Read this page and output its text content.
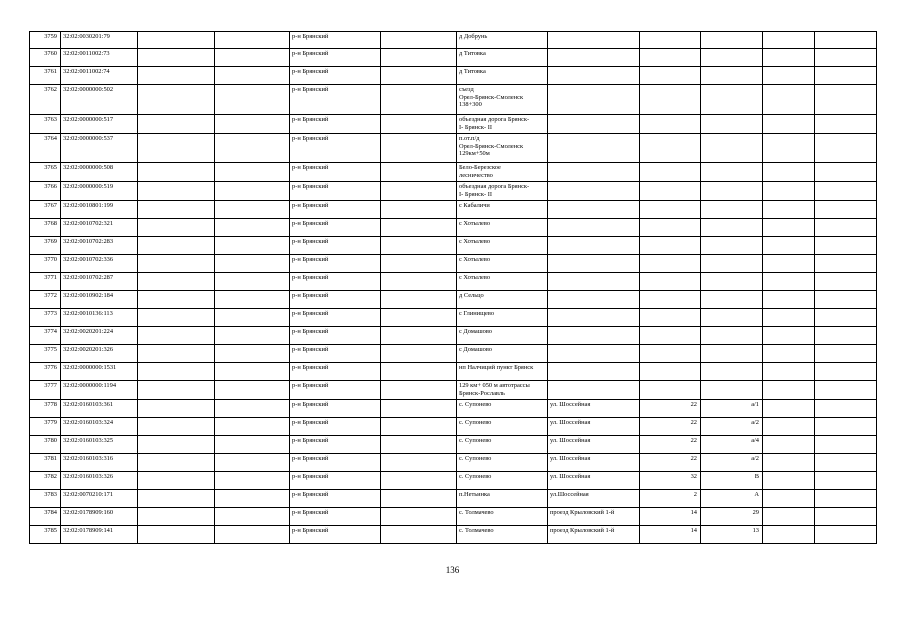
3759	32:02:0030201:79			р-н Брянский		д Добрунь					
3760	32:02:0011002:73			р-н Брянский		д Титовка					
3761	32:02:0011002:74			р-н Брянский		д Титовка					
3762	32:02:0000000:502			р-н Брянский		съезд
Орел-Брянск-Смоленск
138+300					
3763	32:02:0000000:517			р-н Брянский		объездная дорога Брянск-
I- Брянск- II					
3764	32:02:0000000:537			р-н Брянский		п.от.п/д
Орел-Брянск-Смоленск
129км+50м					
3765	32:02:0000000:508			р-н Брянский		Бело-Березское
лесничество					
3766	32:02:0000000:519			р-н Брянский		объездная дорога Брянск-
I- Брянск- II					
3767	32:02:0010801:199			р-н Брянский		с Кабаличи					
3768	32:02:0010702:321			р-н Брянский		с Хотылево					
3769	32:02:0010702:283			р-н Брянский		с Хотылево					
3770	32:02:0010702:336			р-н Брянский		с Хотылево					
3771	32:02:0010702:287			р-н Брянский		с Хотылево					
3772	32:02:0010902:184			р-н Брянский		д Сельцо					
3773	32:02:0010136:113			р-н Брянский		с Глинищево					
3774	32:02:0020201:224			р-н Брянский		с Домашово					
3775	32:02:0020201:326			р-н Брянский		с Домашово					
3776	32:02:0000000:1531			р-н Брянский		нп Налчиций пункт Брянск					
3777	32:02:0000000:1194			р-н Брянский		129 км+ 050 м автотрассы
Брянск-Рославль					
3778	32:02:0160103:361			р-н Брянский		с. Супонево	ул. Шоссейная	22	а/1		
3779	32:02:0160103:324			р-н Брянский		с. Супонево	ул. Шоссейная	22	а/2		
3780	32:02:0160103:325			р-н Брянский		с. Супонево	ул. Шоссейная	22	а/4		
3781	32:02:0160103:316			р-н Брянский		с. Супонево	ул. Шоссейная	22	а/2		
3782	32:02:0160103:326			р-н Брянский		с. Супонево	ул. Шоссейная	32	В		
3783	32:02:0070210:171			р-н Брянский		п.Нетьинка	ул.Шоссейная	2	А		
3784	32:02:0178909:160			р-н Брянский		с. Толмачево	проезд Крыловский 1-й	14	29		
3785	32:02:0178909:141			р-н Брянский		с. Толмачево	проезд Крыловский 1-й	14	13		
136
